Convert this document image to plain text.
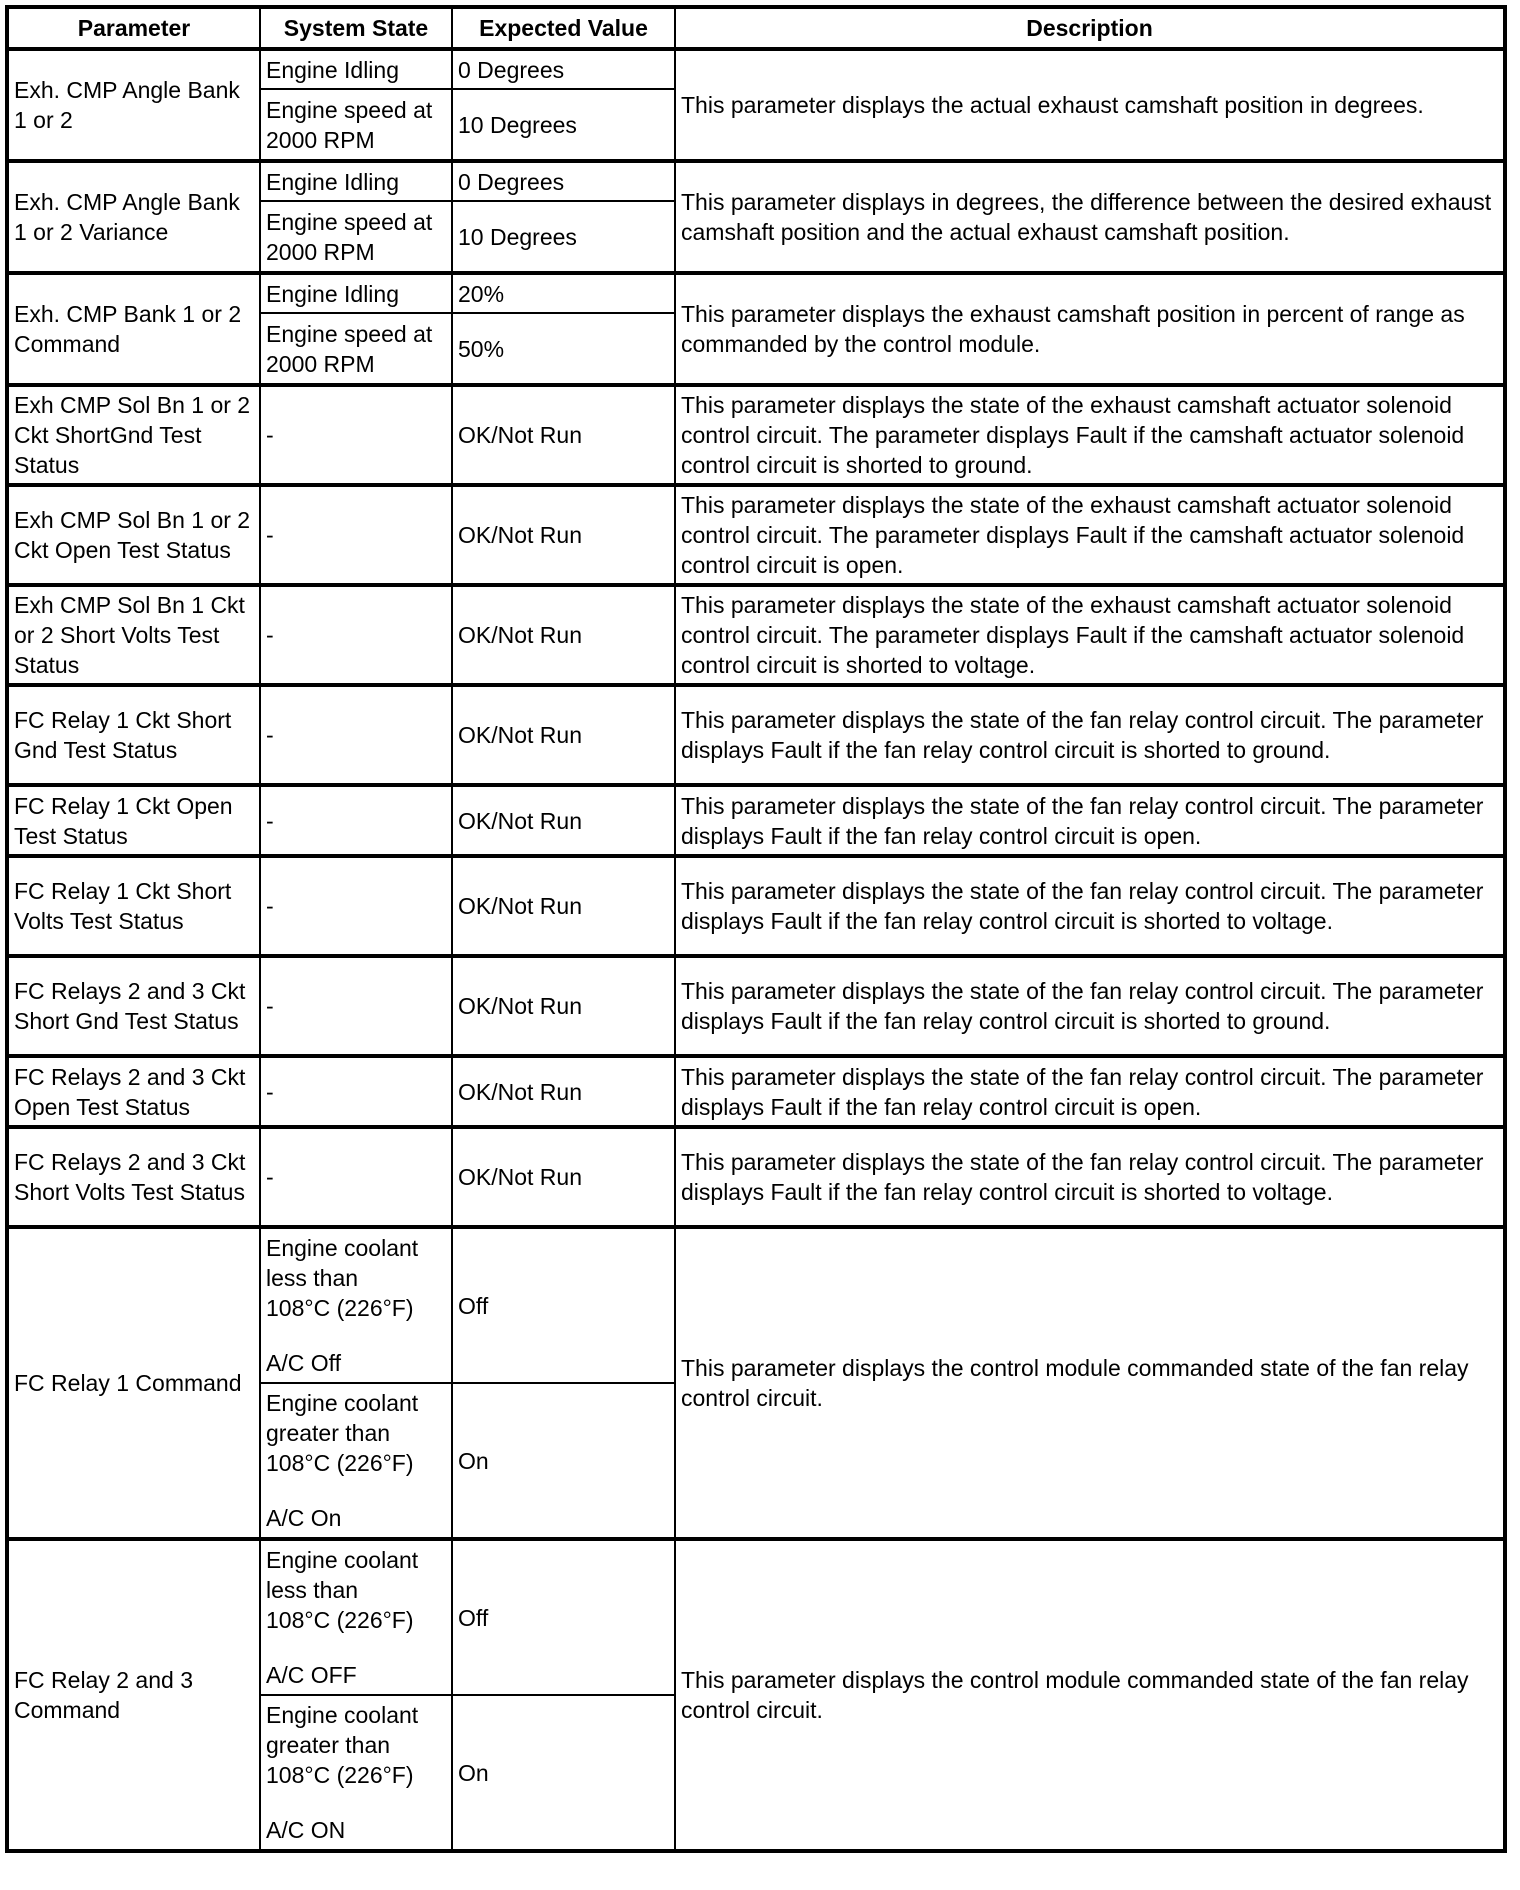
Parameter	System State	Expected Value	Description
Exh. CMP Angle Bank 1 or 2	Engine Idling	0 Degrees	This parameter displays the actual exhaust camshaft position in degrees.
	Engine speed at 2000 RPM	10 Degrees	
Exh. CMP Angle Bank 1 or 2 Variance	Engine Idling	0 Degrees	This parameter displays in degrees, the difference between the desired exhaust camshaft position and the actual exhaust camshaft position.
	Engine speed at 2000 RPM	10 Degrees	
Exh. CMP Bank 1 or 2 Command	Engine Idling	20%	This parameter displays the exhaust camshaft position in percent of range as commanded by the control module.
	Engine speed at 2000 RPM	50%	
Exh CMP Sol Bn 1 or 2 Ckt ShortGnd Test Status	-	OK/Not Run	This parameter displays the state of the exhaust camshaft actuator solenoid control circuit. The parameter displays Fault if the camshaft actuator solenoid control circuit is shorted to ground.
Exh CMP Sol Bn 1 or 2 Ckt Open Test Status	-	OK/Not Run	This parameter displays the state of the exhaust camshaft actuator solenoid control circuit. The parameter displays Fault if the camshaft actuator solenoid control circuit is open.
Exh CMP Sol Bn 1 Ckt or 2 Short Volts Test Status	-	OK/Not Run	This parameter displays the state of the exhaust camshaft actuator solenoid control circuit. The parameter displays Fault if the camshaft actuator solenoid control circuit is shorted to voltage.
FC Relay 1 Ckt Short Gnd Test Status	-	OK/Not Run	This parameter displays the state of the fan relay control circuit. The parameter displays Fault if the fan relay control circuit is shorted to ground.
FC Relay 1 Ckt Open Test Status	-	OK/Not Run	This parameter displays the state of the fan relay control circuit. The parameter displays Fault if the fan relay control circuit is open.
FC Relay 1 Ckt Short Volts Test Status	-	OK/Not Run	This parameter displays the state of the fan relay control circuit. The parameter displays Fault if the fan relay control circuit is shorted to voltage.
FC Relays 2 and 3 Ckt Short Gnd Test Status	-	OK/Not Run	This parameter displays the state of the fan relay control circuit. The parameter displays Fault if the fan relay control circuit is shorted to ground.
FC Relays 2 and 3 Ckt Open Test Status	-	OK/Not Run	This parameter displays the state of the fan relay control circuit. The parameter displays Fault if the fan relay control circuit is open.
FC Relays 2 and 3 Ckt Short Volts Test Status	-	OK/Not Run	This parameter displays the state of the fan relay control circuit. The parameter displays Fault if the fan relay control circuit is shorted to voltage.
FC Relay 1 Command	Engine coolant
less than
108°C (226°F)
A/C Off	Off	This parameter displays the control module commanded state of the fan relay control circuit.

	Engine coolant
greater than
108°C (226°F)
A/C On	On	
FC Relay 2 and 3 Command	Engine coolant
less than
108°C (226°F)
A/C OFF	Off	This parameter displays the control module commanded state of the fan relay control circuit.

	Engine coolant
greater than
108°C (226°F)
A/C ON	On	
